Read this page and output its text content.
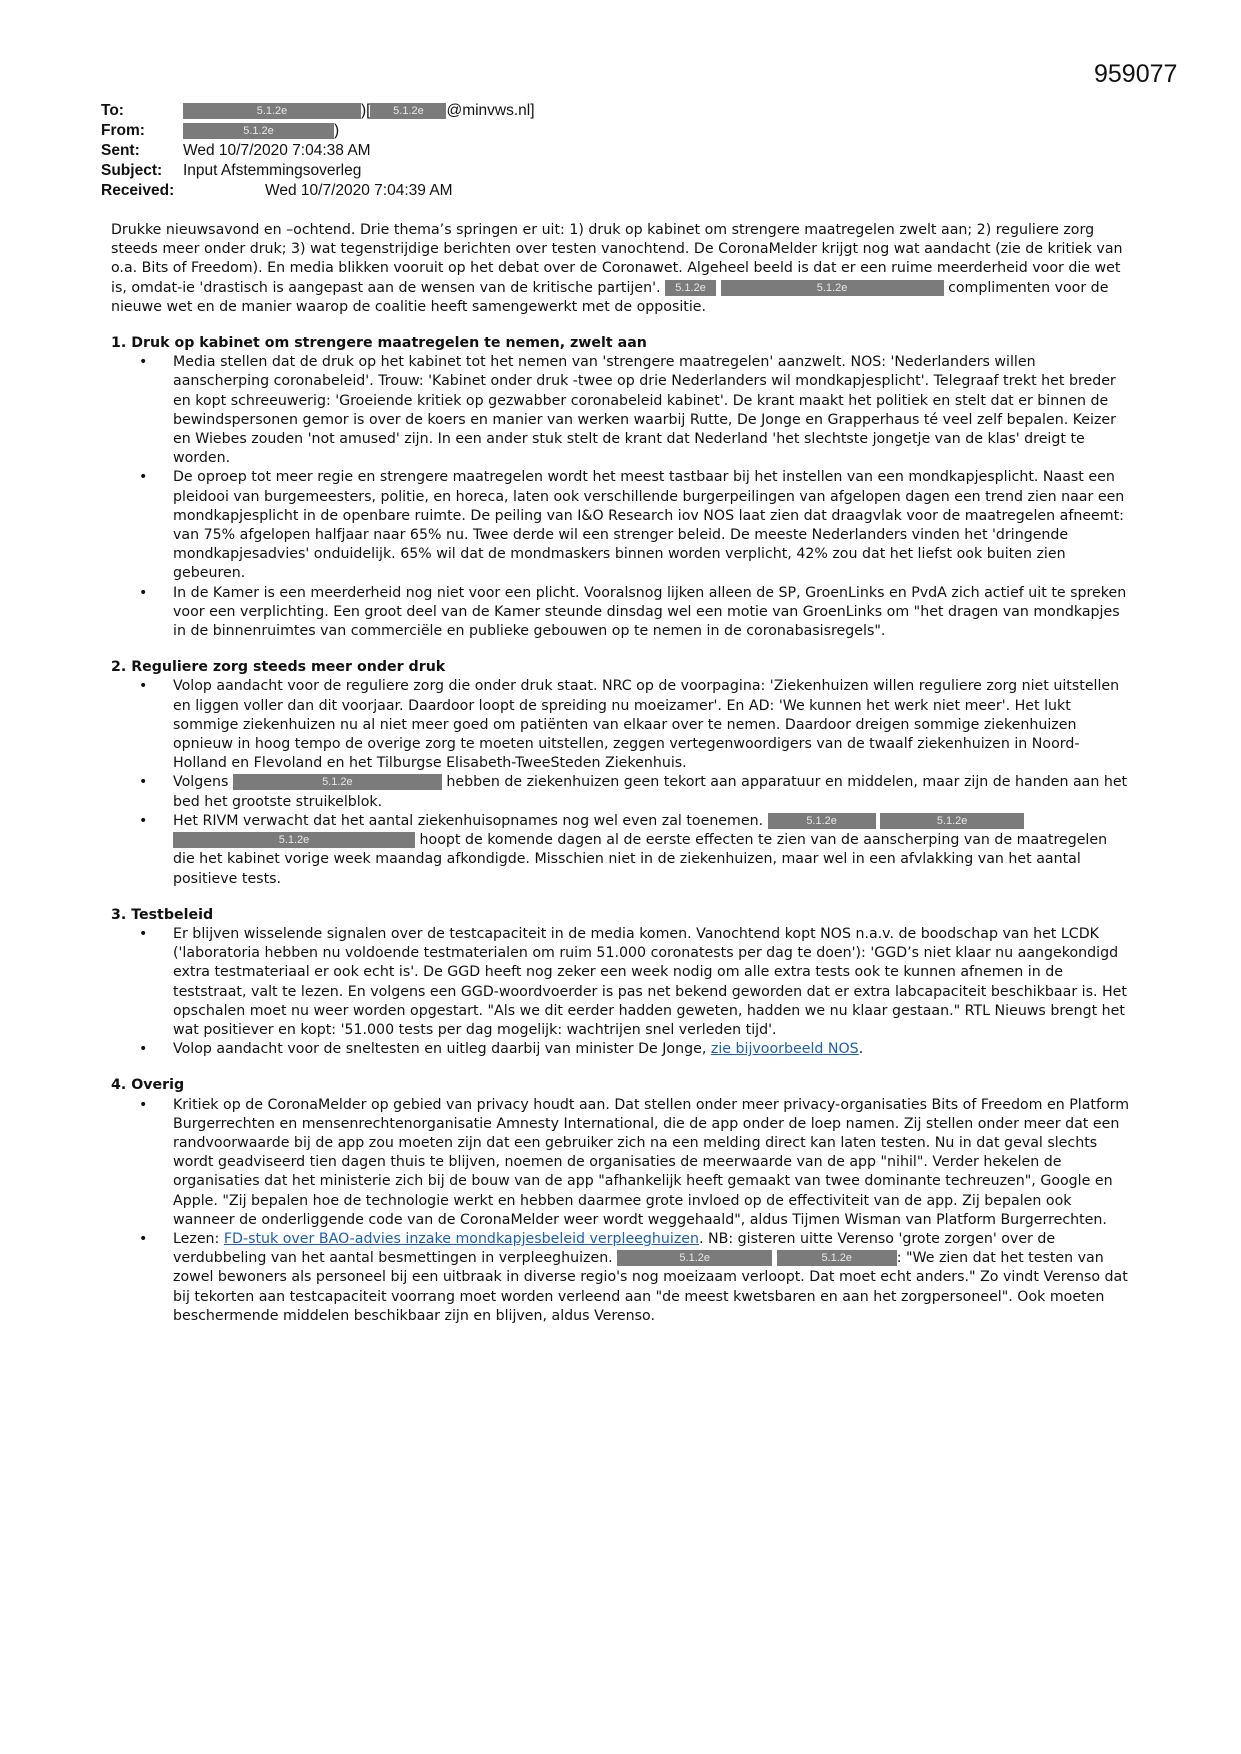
959077
To:	5.1.2e	)[ 5.1.2e @minvws.nl]
From:	5.1.2e	)
Sent:	Wed 10/7/2020 7:04:38 AM
Subject: Input Afstemmingsoverleg
Received:	Wed 10/7/2020 7:04:39 AM

Drukke nieuwsavond en –ochtend. Drie thema’s springen er uit: 1) druk op kabinet om strengere maatregelen zwelt aan; 2) reguliere zorg steeds meer onder druk; 3) wat tegenstrijdige berichten over testen vanochtend. De CoronaMelder krijgt nog wat aandacht (zie de kritiek van o.a. Bits of Freedom). En media blikken vooruit op het debat over de Coronawet. Algeheel beeld is dat er een ruime meerderheid voor die wet is, omdat-ie 'drastisch is aangepast aan de wensen van de kritische partijen'. 5.1.2e	5.1.2e	complimenten voor de nieuwe wet en de manier waarop de coalitie heeft samengewerkt met de oppositie.

1. Druk op kabinet om strengere maatregelen te nemen, zwelt aan
• Media stellen dat de druk op het kabinet tot het nemen van 'strengere maatregelen' aanzwelt. NOS: 'Nederlanders willen aanscherping coronabeleid'. Trouw: 'Kabinet onder druk -twee op drie Nederlanders wil mondkapjesplicht'. Telegraaf trekt het breder en kopt schreeuwerig: 'Groeiende kritiek op gezwabber coronabeleid kabinet'. De krant maakt het politiek en stelt dat er binnen de bewindspersonen gemor is over de koers en manier van werken waarbij Rutte, De Jonge en Grapperhaus té veel zelf bepalen. Keizer en Wiebes zouden 'not amused' zijn. In een ander stuk stelt de krant dat Nederland 'het slechtste jongetje van de klas' dreigt te worden.
• De oproep tot meer regie en strengere maatregelen wordt het meest tastbaar bij het instellen van een mondkapjesplicht. Naast een pleidooi van burgemeesters, politie, en horeca, laten ook verschillende burgerpeilingen van afgelopen dagen een trend zien naar een mondkapjesplicht in de openbare ruimte. De peiling van I&O Research iov NOS laat zien dat draagvlak voor de maatregelen afneemt: van 75% afgelopen halfjaar naar 65% nu. Twee derde wil een strenger beleid. De meeste Nederlanders vinden het 'dringende mondkapjesadvies' onduidelijk. 65% wil dat de mondmaskers binnen worden verplicht, 42% zou dat het liefst ook buiten zien gebeuren.
• In de Kamer is een meerderheid nog niet voor een plicht. Vooralsnog lijken alleen de SP, GroenLinks en PvdA zich actief uit te spreken voor een verplichting. Een groot deel van de Kamer steunde dinsdag wel een motie van GroenLinks om "het dragen van mondkapjes in de binnenruimtes van commerciële en publieke gebouwen op te nemen in de coronabasisregels".
2. Reguliere zorg steeds meer onder druk
• Volop aandacht voor de reguliere zorg die onder druk staat. NRC op de voorpagina: 'Ziekenhuizen willen reguliere zorg niet uitstellen en liggen voller dan dit voorjaar. Daardoor loopt de spreiding nu moeizamer'. En AD: 'We kunnen het werk niet meer'. Het lukt sommige ziekenhuizen nu al niet meer goed om patiënten van elkaar over te nemen. Daardoor dreigen sommige ziekenhuizen opnieuw in hoog tempo de overige zorg te moeten uitstellen, zeggen vertegenwoordigers van de twaalf ziekenhuizen in Noord-Holland en Flevoland en het Tilburgse Elisabeth-TweeSteden Ziekenhuis.
• Volgens	5.1.2e	hebben de ziekenhuizen geen tekort aan apparatuur en middelen, maar zijn de handen aan het bed het grootste struikelblok.
• Het RIVM verwacht dat het aantal ziekenhuisopnames nog wel even zal toenemen.	5.1.2e	5.1.2e 5.1.2e	hoopt de komende dagen al de eerste effecten te zien van de aanscherping van de maatregelen die het kabinet vorige week maandag afkondigde. Misschien niet in de ziekenhuizen, maar wel in een afvlakking van het aantal positieve tests.
3. Testbeleid
• Er blijven wisselende signalen over de testcapaciteit in de media komen. Vanochtend kopt NOS n.a.v. de boodschap van het LCDK ('laboratoria hebben nu voldoende testmaterialen om ruim 51.000 coronatests per dag te doen'): 'GGD’s niet klaar nu aangekondigd extra testmateriaal er ook echt is'. De GGD heeft nog zeker een week nodig om alle extra tests ook te kunnen afnemen in de teststraat, valt te lezen. En volgens een GGD-woordvoerder is pas net bekend geworden dat er extra labcapaciteit beschikbaar is. Het opschalen moet nu weer worden opgestart. "Als we dit eerder hadden geweten, hadden we nu klaar gestaan." RTL Nieuws brengt het wat positiever en kopt: '51.000 tests per dag mogelijk: wachtrijen snel verleden tijd'.
• Volop aandacht voor de sneltesten en uitleg daarbij van minister De Jonge, zie bijvoorbeeld NOS.
4. Overig
• Kritiek op de CoronaMelder op gebied van privacy houdt aan. Dat stellen onder meer privacy-organisaties Bits of Freedom en Platform Burgerrechten en mensenrechtenorganisatie Amnesty International, die de app onder de loep namen. Zij stellen onder meer dat een randvoorwaarde bij de app zou moeten zijn dat een gebruiker zich na een melding direct kan laten testen. Nu in dat geval slechts wordt geadviseerd tien dagen thuis te blijven, noemen de organisaties de meerwaarde van de app "nihil". Verder hekelen de organisaties dat het ministerie zich bij de bouw van de app "afhankelijk heeft gemaakt van twee dominante techreuzen", Google en Apple. "Zij bepalen hoe de technologie werkt en hebben daarmee grote invloed op de effectiviteit van de app. Zij bepalen ook wanneer de onderliggende code van de CoronaMelder weer wordt weggehaald", aldus Tijmen Wisman van Platform Burgerrechten.
• Lezen: FD-stuk over BAO-advies inzake mondkapjesbeleid verpleeghuizen. NB: gisteren uitte Verenso 'grote zorgen' over de verdubbeling van het aantal besmettingen in verpleeghuizen.	5.1.2e	5.1.2e	: "We zien dat het testen van zowel bewoners als personeel bij een uitbraak in diverse regio's nog moeizaam verloopt. Dat moet echt anders." Zo vindt Verenso dat bij tekorten aan testcapaciteit voorrang moet worden verleend aan "de meest kwetsbaren en aan het zorgpersoneel". Ook moeten beschermende middelen beschikbaar zijn en blijven, aldus Verenso.
